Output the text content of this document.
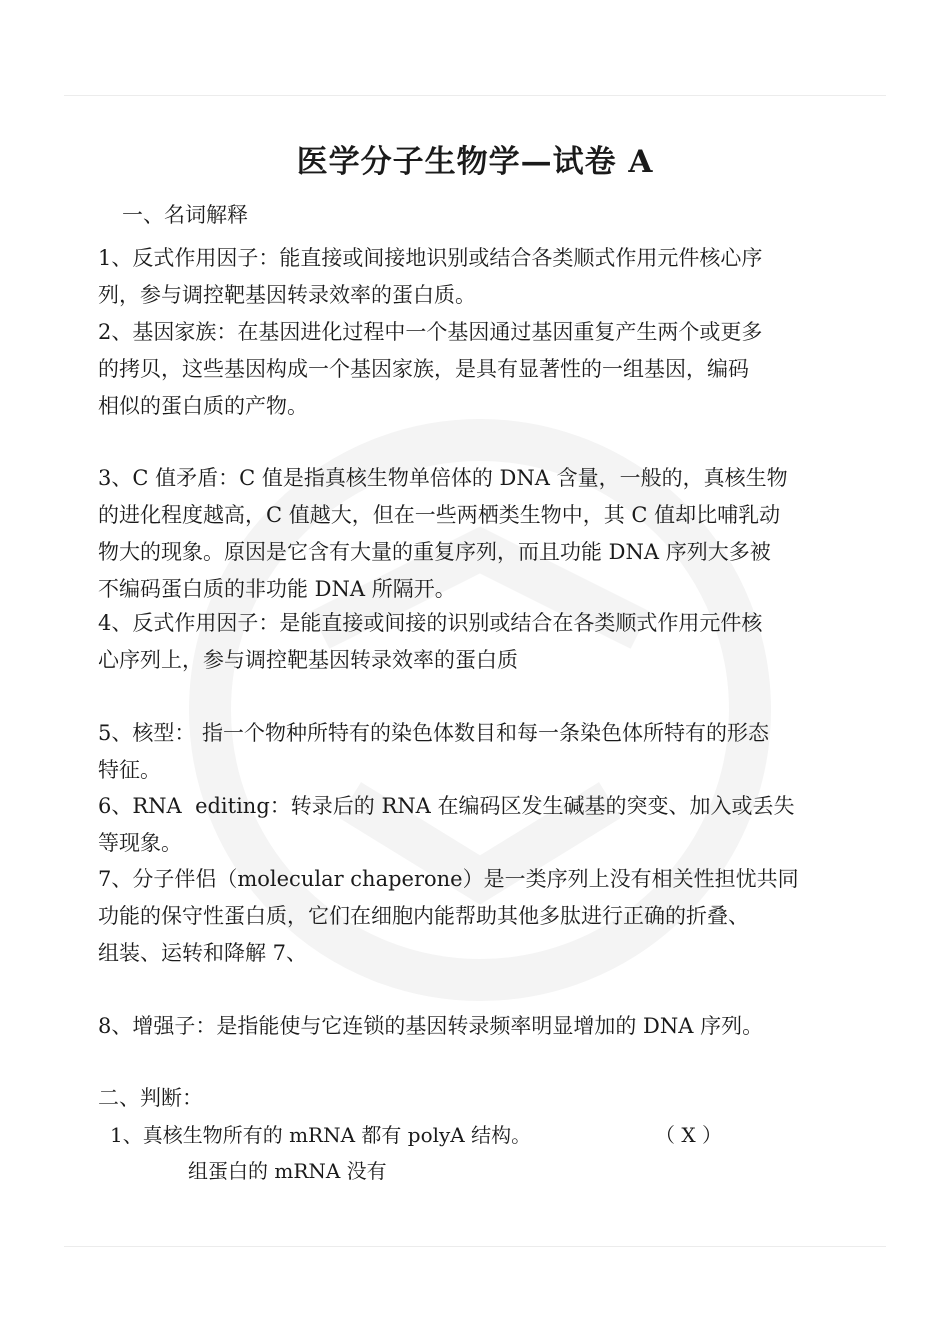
医学分子生物学—试卷 A
一、名词解释
1、反式作用因子：能直接或间接地识别或结合各类顺式作用元件核心序
列，参与调控靶基因转录效率的蛋白质。
2、基因家族：在基因进化过程中一个基因通过基因重复产生两个或更多
的拷贝，这些基因构成一个基因家族，是具有显著性的一组基因，编码
相似的蛋白质的产物。
3、C 值矛盾：C 值是指真核生物单倍体的 DNA 含量，一般的，真核生物
的进化程度越高，C 值越大，但在一些两栖类生物中，其 C 值却比哺乳动
物大的现象。原因是它含有大量的重复序列，而且功能 DNA 序列大多被
不编码蛋白质的非功能 DNA 所隔开。
4、反式作用因子：是能直接或间接的识别或结合在各类顺式作用元件核
心序列上，参与调控靶基因转录效率的蛋白质
5、核型： 指一个物种所特有的染色体数目和每一条染色体所特有的形态
特征。
6、RNA  editing：转录后的 RNA 在编码区发生碱基的突变、加入或丢失
等现象。
7、分子伴侣（molecular chaperone）是一类序列上没有相关性担忧共同
功能的保守性蛋白质，它们在细胞内能帮助其他多肽进行正确的折叠、
组装、运转和降解 7、
8、增强子：是指能使与它连锁的基因转录频率明显增加的 DNA 序列。
二、判断：
1、真核生物所有的 mRNA 都有 polyA 结构。	（ X ）
组蛋白的 mRNA 没有
